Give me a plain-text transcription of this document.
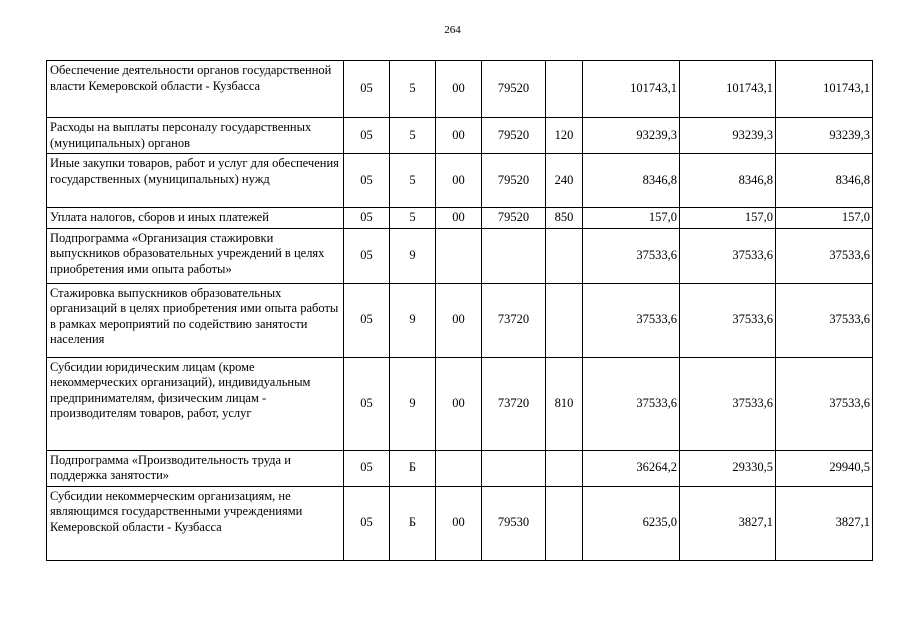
264
Обеспечение деятельности органов государственной власти Кемеровской области - Кузбасса	05	5	00	79520		101743,1	101743,1	101743,1
Расходы на выплаты персоналу государственных (муниципальных) органов	05	5	00	79520	120	93239,3	93239,3	93239,3
Иные закупки товаров, работ и услуг для обеспечения государственных (муниципальных) нужд	05	5	00	79520	240	8346,8	8346,8	8346,8
Уплата налогов, сборов и иных платежей	05	5	00	79520	850	157,0	157,0	157,0
Подпрограмма «Организация стажировки выпускников образовательных учреждений в целях приобретения ими опыта работы»	05	9				37533,6	37533,6	37533,6
Стажировка выпускников образовательных организаций в целях приобретения ими опыта работы в рамках мероприятий по содействию занятости населения	05	9	00	73720		37533,6	37533,6	37533,6
Субсидии юридическим лицам (кроме некоммерческих организаций), индивидуальным предпринимателям, физическим лицам - производителям товаров, работ, услуг	05	9	00	73720	810	37533,6	37533,6	37533,6
Подпрограмма «Производительность труда и поддержка занятости»	05	Б				36264,2	29330,5	29940,5
Субсидии некоммерческим организациям, не являющимся государственными учреждениями Кемеровской области - Кузбасса	05	Б	00	79530		6235,0	3827,1	3827,1
